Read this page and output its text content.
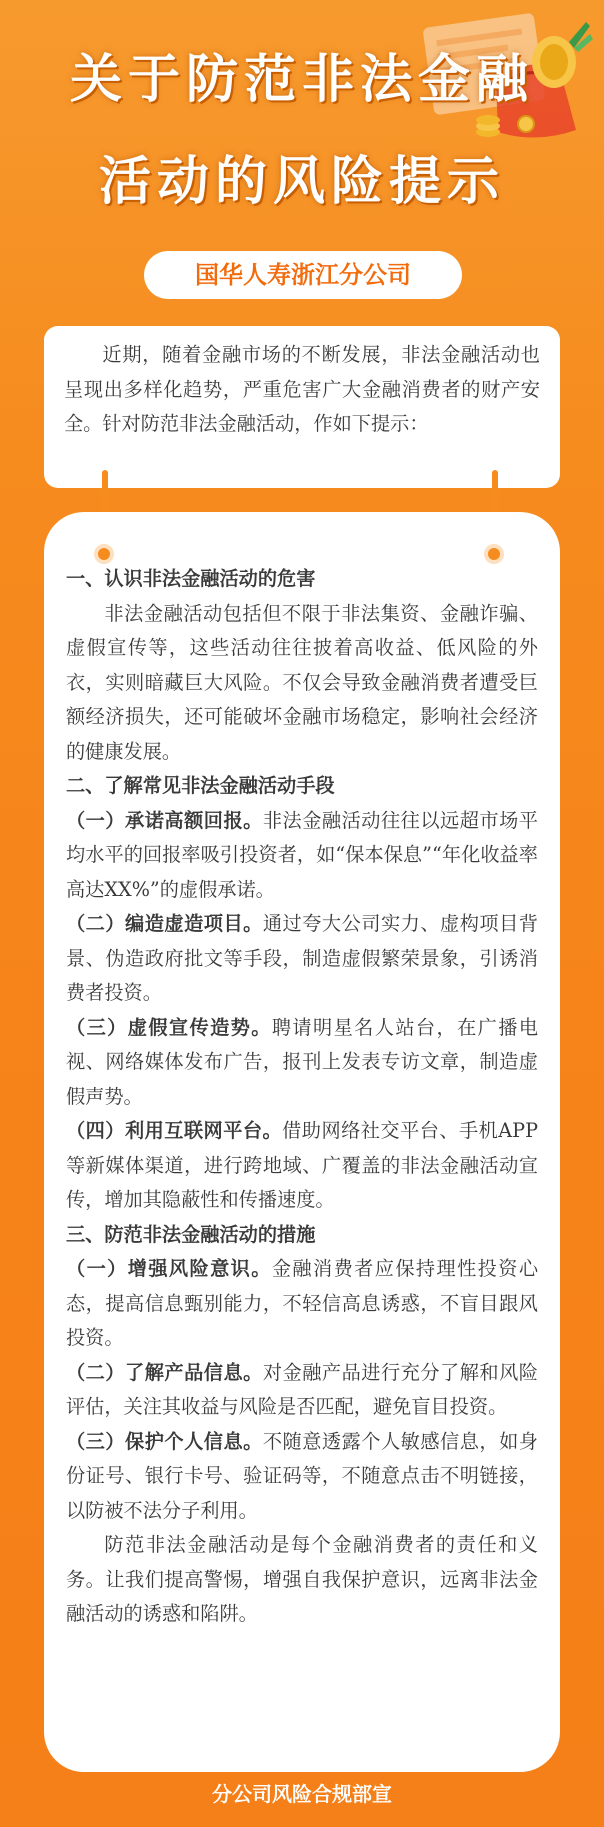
关于防范非法金融
活动的风险提示
国华人寿浙江分公司

近期，随着金融市场的不断发展，非法金融活动也呈现出多样化趋势，严重危害广大金融消费者的财产安全。针对防范非法金融活动，作如下提示：

一、认识非法金融活动的危害

非法金融活动包括但不限于非法集资、金融诈骗、虚假宣传等，这些活动往往披着高收益、低风险的外衣，实则暗藏巨大风险。不仅会导致金融消费者遭受巨额经济损失，还可能破坏金融市场稳定，影响社会经济的健康发展。

二、了解常见非法金融活动手段

（一）承诺高额回报。非法金融活动往往以远超市场平均水平的回报率吸引投资者，如“保本保息”“年化收益率高达XX%”的虚假承诺。

（二）编造虚造项目。通过夸大公司实力、虚构项目背景、伪造政府批文等手段，制造虚假繁荣景象，引诱消费者投资。

（三）虚假宣传造势。聘请明星名人站台，在广播电视、网络媒体发布广告，报刊上发表专访文章，制造虚假声势。

（四）利用互联网平台。借助网络社交平台、手机APP等新媒体渠道，进行跨地域、广覆盖的非法金融活动宣传，增加其隐蔽性和传播速度。

三、防范非法金融活动的措施

（一）增强风险意识。金融消费者应保持理性投资心态，提高信息甄别能力，不轻信高息诱惑，不盲目跟风投资。

（二）了解产品信息。对金融产品进行充分了解和风险评估，关注其收益与风险是否匹配，避免盲目投资。

（三）保护个人信息。不随意透露个人敏感信息，如身份证号、银行卡号、验证码等，不随意点击不明链接，以防被不法分子利用。

防范非法金融活动是每个金融消费者的责任和义务。让我们提高警惕，增强自我保护意识，远离非法金融活动的诱惑和陷阱。

分公司风险合规部宣
